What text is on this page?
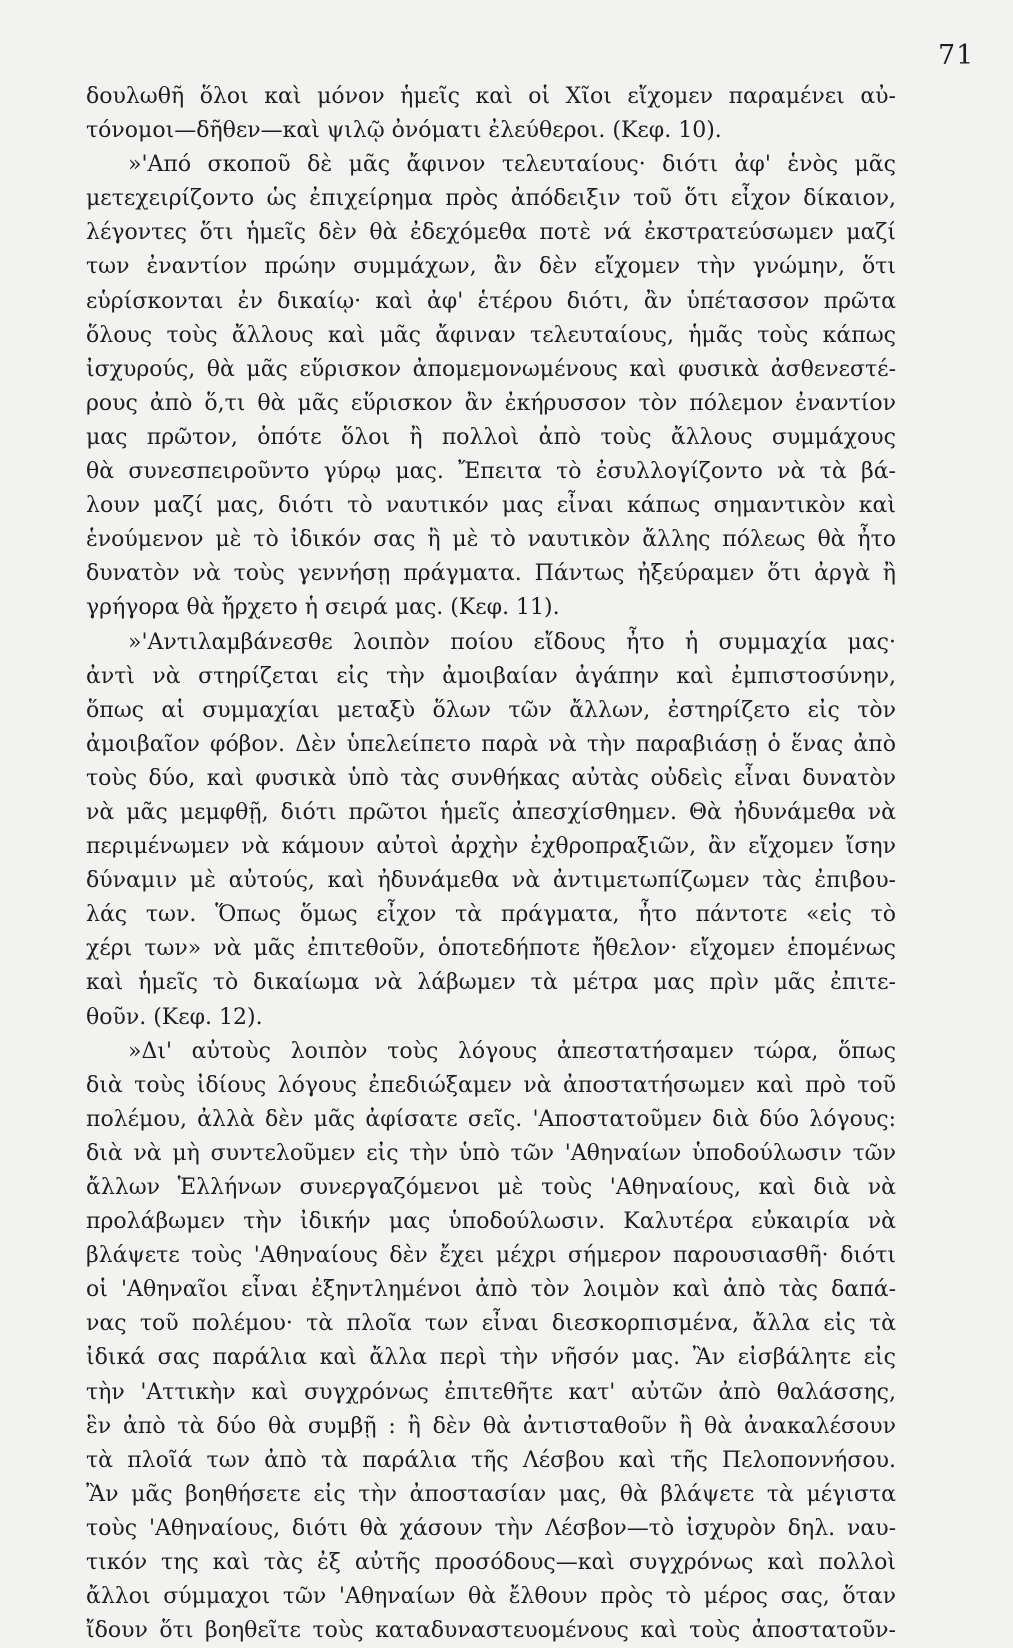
71
δουλωθῆ ὅλοι καὶ μόνον ἡμεῖς καὶ οἱ Χῖοι εἴχομεν παραμένει αὐ-
τόνομοι—δῆθεν—καὶ ψιλῷ ὀνόματι ἐλεύθεροι. (Κεφ. 10).
»'Από σκοποῦ δὲ μᾶς ἄφινον τελευταίους· διότι ἀφ' ἑνὸς μᾶς
μετεχειρίζοντο ὡς ἐπιχείρημα πρὸς ἀπόδειξιν τοῦ ὅτι εἶχον δίκαιον,
λέγοντες ὅτι ἡμεῖς δὲν θὰ ἐδεχόμεθα ποτὲ νά ἐκστρατεύσωμεν μαζί
των ἐναντίον πρώην συμμάχων, ἂν δὲν εἴχομεν τὴν γνώμην, ὅτι
εὑρίσκονται ἐν δικαίῳ· καὶ ἀφ' ἑτέρου διότι, ἂν ὑπέτασσον πρῶτα
ὅλους τοὺς ἄλλους καὶ μᾶς ἄφιναν τελευταίους, ἡμᾶς τοὺς κάπως
ἰσχυρούς, θὰ μᾶς εὕρισκον ἀπομεμονωμένους καὶ φυσικὰ ἀσθενεστέ-
ρους ἀπὸ ὅ,τι θὰ μᾶς εὕρισκον ἂν ἐκήρυσσον τὸν πόλεμον ἐναντίον
μας πρῶτον, ὁπότε ὅλοι ἢ πολλοὶ ἀπὸ τοὺς ἄλλους συμμάχους
θὰ συνεσπειροῦντο γύρῳ μας. Ἔπειτα τὸ ἐσυλλογίζοντο νὰ τὰ βά-
λουν μαζί μας, διότι τὸ ναυτικόν μας εἶναι κάπως σημαντικὸν καὶ
ἑνούμενον μὲ τὸ ἰδικόν σας ἢ μὲ τὸ ναυτικὸν ἄλλης πόλεως θὰ ἦτο
δυνατὸν νὰ τοὺς γεννήσῃ πράγματα. Πάντως ἠξεύραμεν ὅτι ἀργὰ ἢ
γρήγορα θὰ ἤρχετο ἡ σειρά μας. (Κεφ. 11).
»'Αντιλαμβάνεσθε λοιπὸν ποίου εἴδους ἦτο ἡ συμμαχία μας·
ἀντὶ νὰ στηρίζεται εἰς τὴν ἀμοιβαίαν ἀγάπην καὶ ἐμπιστοσύνην,
ὅπως αἱ συμμαχίαι μεταξὺ ὅλων τῶν ἄλλων, ἐστηρίζετο εἰς τὸν
ἀμοιβαῖον φόβον. Δὲν ὑπελείπετο παρὰ νὰ τὴν παραβιάσῃ ὁ ἕνας ἀπὸ
τοὺς δύο, καὶ φυσικὰ ὑπὸ τὰς συνθήκας αὐτὰς οὐδεὶς εἶναι δυνατὸν
νὰ μᾶς μεμφθῇ, διότι πρῶτοι ἡμεῖς ἀπεσχίσθημεν. Θὰ ἠδυνάμεθα νὰ
περιμένωμεν νὰ κάμουν αὐτοὶ ἀρχὴν ἐχθροπραξιῶν, ἂν εἴχομεν ἴσην
δύναμιν μὲ αὐτούς, καὶ ἠδυνάμεθα νὰ ἀντιμετωπίζωμεν τὰς ἐπιβου-
λάς των. Ὅπως ὅμως εἶχον τὰ πράγματα, ἦτο πάντοτε «εἰς τὸ
χέρι των» νὰ μᾶς ἐπιτεθοῦν, ὁποτεδήποτε ἤθελον· εἴχομεν ἑπομένως
καὶ ἡμεῖς τὸ δικαίωμα νὰ λάβωμεν τὰ μέτρα μας πρὶν μᾶς ἐπιτε-
θοῦν. (Κεφ. 12).
»Δι' αὐτοὺς λοιπὸν τοὺς λόγους ἀπεστατήσαμεν τώρα, ὅπως
διὰ τοὺς ἰδίους λόγους ἐπεδιώξαμεν νὰ ἀποστατήσωμεν καὶ πρὸ τοῦ
πολέμου, ἀλλὰ δὲν μᾶς ἀφίσατε σεῖς. 'Αποστατοῦμεν διὰ δύο λόγους:
διὰ νὰ μὴ συντελοῦμεν εἰς τὴν ὑπὸ τῶν 'Αθηναίων ὑποδούλωσιν τῶν
ἄλλων Ἑλλήνων συνεργαζόμενοι μὲ τοὺς 'Αθηναίους, καὶ διὰ νὰ
προλάβωμεν τὴν ἰδικήν μας ὑποδούλωσιν. Καλυτέρα εὐκαιρία νὰ
βλάψετε τοὺς 'Αθηναίους δὲν ἔχει μέχρι σήμερον παρουσιασθῆ· διότι
οἱ 'Αθηναῖοι εἶναι ἐξηντλημένοι ἀπὸ τὸν λοιμὸν καὶ ἀπὸ τὰς δαπά-
νας τοῦ πολέμου· τὰ πλοῖα των εἶναι διεσκορπισμένα, ἄλλα εἰς τὰ
ἰδικά σας παράλια καὶ ἄλλα περὶ τὴν νῆσόν μας. Ἂν εἰσβάλητε εἰς
τὴν 'Αττικὴν καὶ συγχρόνως ἐπιτεθῆτε κατ' αὐτῶν ἀπὸ θαλάσσης,
ἓν ἀπὸ τὰ δύο θὰ συμβῇ : ἢ δὲν θὰ ἀντισταθοῦν ἢ θὰ ἀνακαλέσουν
τὰ πλοῖά των ἀπὸ τὰ παράλια τῆς Λέσβου καὶ τῆς Πελοποννήσου.
Ἂν μᾶς βοηθήσετε εἰς τὴν ἀποστασίαν μας, θὰ βλάψετε τὰ μέγιστα
τοὺς 'Αθηναίους, διότι θὰ χάσουν τὴν Λέσβον—τὸ ἰσχυρὸν δηλ. ναυ-
τικόν της καὶ τὰς ἐξ αὐτῆς προσόδους—καὶ συγχρόνως καὶ πολλοὶ
ἄλλοι σύμμαχοι τῶν 'Αθηναίων θὰ ἔλθουν πρὸς τὸ μέρος σας, ὅταν
ἴδουν ὅτι βοηθεῖτε τοὺς καταδυναστευομένους καὶ τοὺς ἀποστατοῦν-
